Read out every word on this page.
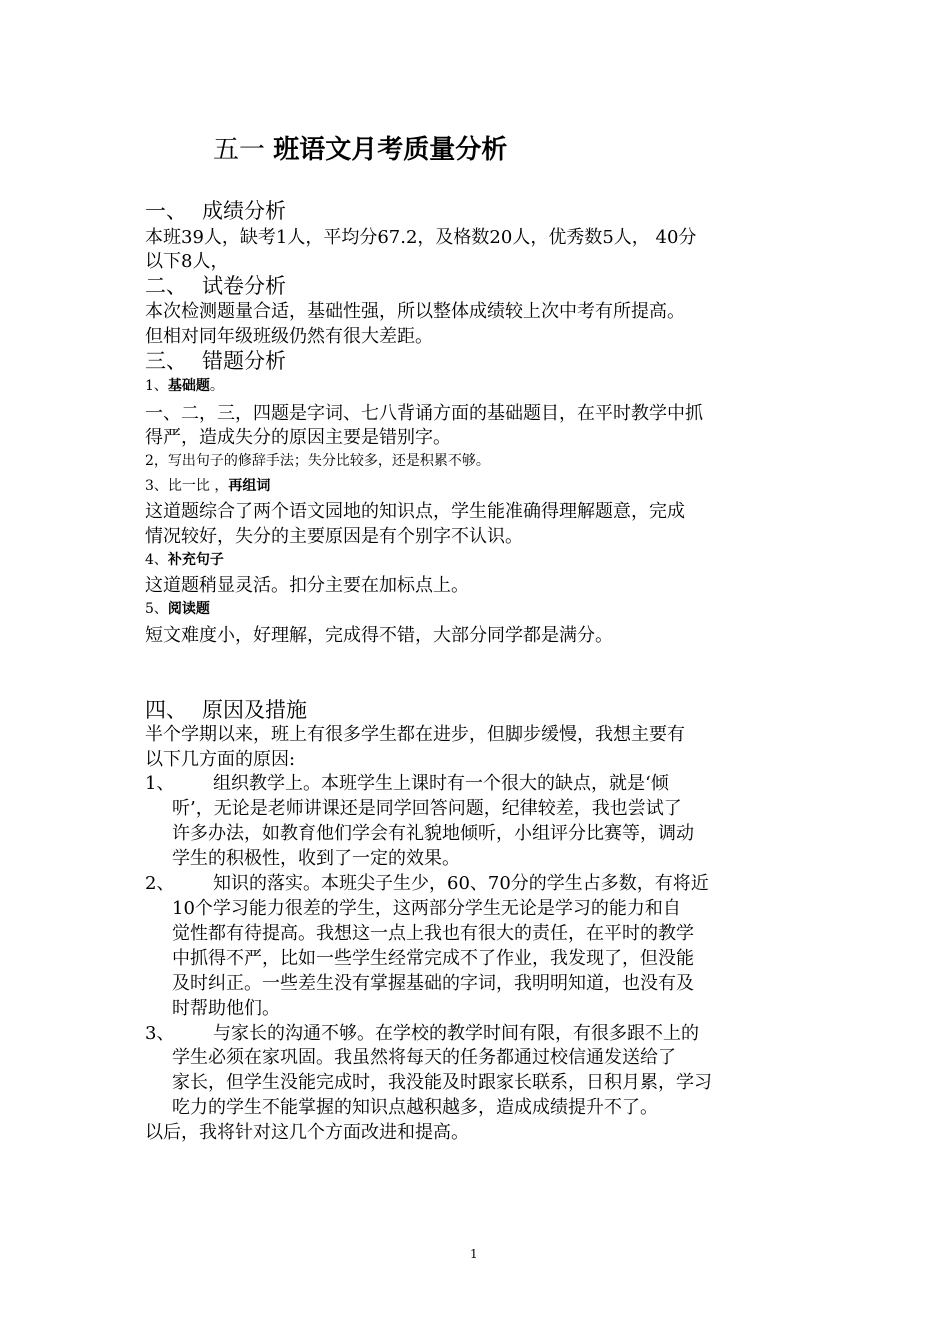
五一 班语文月考质量分析
一、 成绩分析
本班39人，缺考1人，平均分67.2，及格数20人，优秀数5人， 40分
以下8人，
二、 试卷分析
本次检测题量合适，基础性强，所以整体成绩较上次中考有所提高。
但相对同年级班级仍然有很大差距。
三、 错题分析
1、基础题。
一、二，三，四题是字词、七八背诵方面的基础题目，在平时教学中抓
得严，造成失分的原因主要是错别字。
2，写出句子的修辞手法；失分比较多，还是积累不够。
3、比一比 ，再组词
这道题综合了两个语文园地的知识点，学生能准确得理解题意，完成
情况较好，失分的主要原因是有个别字不认识。
4、补充句子
这道题稍显灵活。扣分主要在加标点上。
5、阅读题
短文难度小，好理解，完成得不错，大部分同学都是满分。
四、 原因及措施
半个学期以来，班上有很多学生都在进步，但脚步缓慢，我想主要有
以下几方面的原因:
1、 组织教学上。本班学生上课时有一个很大的缺点，就是‘倾
听’，无论是老师讲课还是同学回答问题，纪律较差，我也尝试了
许多办法，如教育他们学会有礼貌地倾听，小组评分比赛等，调动
学生的积极性，收到了一定的效果。
2、 知识的落实。本班尖子生少，60、70分的学生占多数，有将近
10个学习能力很差的学生，这两部分学生无论是学习的能力和自
觉性都有待提高。我想这一点上我也有很大的责任，在平时的教学
中抓得不严，比如一些学生经常完成不了作业，我发现了，但没能
及时纠正。一些差生没有掌握基础的字词，我明明知道，也没有及
时帮助他们。
3、 与家长的沟通不够。在学校的教学时间有限，有很多跟不上的
学生必须在家巩固。我虽然将每天的任务都通过校信通发送给了
家长，但学生没能完成时，我没能及时跟家长联系，日积月累，学习
吃力的学生不能掌握的知识点越积越多，造成成绩提升不了。
以后，我将针对这几个方面改进和提高。
1
